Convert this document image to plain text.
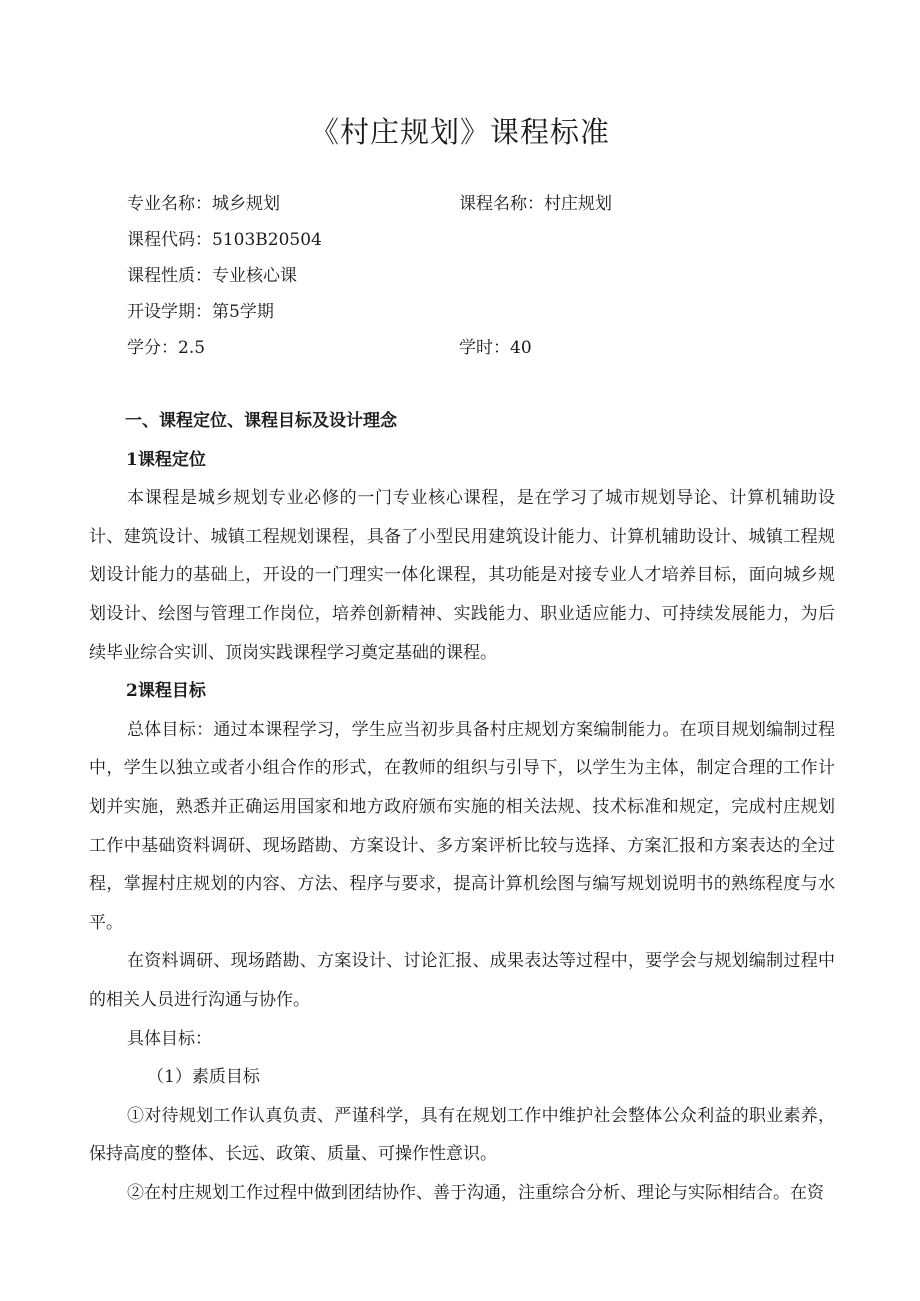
《村庄规划》课程标准
专业名称：城乡规划	课程名称：村庄规划
课程代码：5103B20504
课程性质：专业核心课
开设学期：第5学期
学分：2.5	学时：40

一、课程定位、课程目标及设计理念

1课程定位

本课程是城乡规划专业必修的一门专业核心课程，是在学习了城市规划导论、计算机辅助设计、建筑设计、城镇工程规划课程，具备了小型民用建筑设计能力、计算机辅助设计、城镇工程规划设计能力的基础上，开设的一门理实一体化课程，其功能是对接专业人才培养目标，面向城乡规划设计、绘图与管理工作岗位，培养创新精神、实践能力、职业适应能力、可持续发展能力，为后续毕业综合实训、顶岗实践课程学习奠定基础的课程。

2课程目标

总体目标：通过本课程学习，学生应当初步具备村庄规划方案编制能力。在项目规划编制过程中，学生以独立或者小组合作的形式，在教师的组织与引导下，以学生为主体，制定合理的工作计划并实施，熟悉并正确运用国家和地方政府颁布实施的相关法规、技术标准和规定，完成村庄规划工作中基础资料调研、现场踏勘、方案设计、多方案评析比较与选择、方案汇报和方案表达的全过程，掌握村庄规划的内容、方法、程序与要求，提高计算机绘图与编写规划说明书的熟练程度与水平。

在资料调研、现场踏勘、方案设计、讨论汇报、成果表达等过程中，要学会与规划编制过程中的相关人员进行沟通与协作。

具体目标：

（1）素质目标

①对待规划工作认真负责、严谨科学，具有在规划工作中维护社会整体公众利益的职业素养，保持高度的整体、长远、政策、质量、可操作性意识。

②在村庄规划工作过程中做到团结协作、善于沟通，注重综合分析、理论与实际相结合。在资
